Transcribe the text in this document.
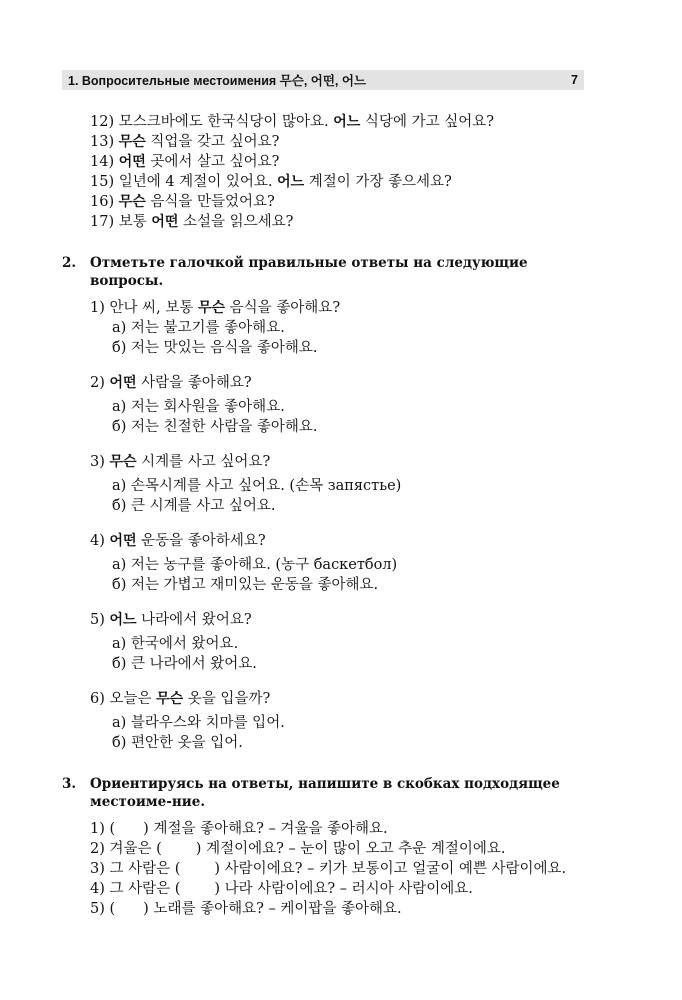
1. Вопросительные местоимения 무슨, 어떤, 어느	7
12) 모스크바에도 한국식당이 많아요. 어느 식당에 가고 싶어요?
13) 무슨 직업을 갖고 싶어요?
14) 어떤 곳에서 살고 싶어요?
15) 일년에 4 계절이 있어요. 어느 계절이 가장 좋으세요?
16) 무슨 음식을 만들었어요?
17) 보통 어떤 소설을 읽으세요?
2.	Отметьте галочкой правильные ответы на следующие вопросы.
1) 안나 씨, 보통 무슨 음식을 좋아해요?
а) 저는 불고기를 좋아해요.
б) 저는 맛있는 음식을 좋아해요.
2) 어떤 사람을 좋아해요?
а) 저는 회사원을 좋아해요.
б) 저는 친절한 사람을 좋아해요.
3) 무슨 시계를 사고 싶어요?
а) 손목시계를 사고 싶어요. (손목 запястье)
б) 큰 시계를 사고 싶어요.
4) 어떤 운동을 좋아하세요?
а) 저는 농구를 좋아해요. (농구 баскетбол)
б) 저는 가볍고 재미있는 운동을 좋아해요.
5) 어느 나라에서 왔어요?
а) 한국에서 왔어요.
б) 큰 나라에서 왔어요.
6) 오늘은 무슨 옷을 입을까?
а) 블라우스와 치마를 입어.
б) 편안한 옷을 입어.
3.	Ориентируясь на ответы, напишите в скобках подходящее местоиме-ние.
1) ( ) 계절을 좋아해요? – 겨울을 좋아해요.
2) 겨울은 ( ) 계절이에요? – 눈이 많이 오고 추운 계절이에요.
3) 그 사람은 ( ) 사람이에요? – 키가 보통이고 얼굴이 예쁜 사람이에요.
4) 그 사람은 ( ) 나라 사람이에요? – 러시아 사람이에요.
5) ( ) 노래를 좋아해요? – 케이팝을 좋아해요.
